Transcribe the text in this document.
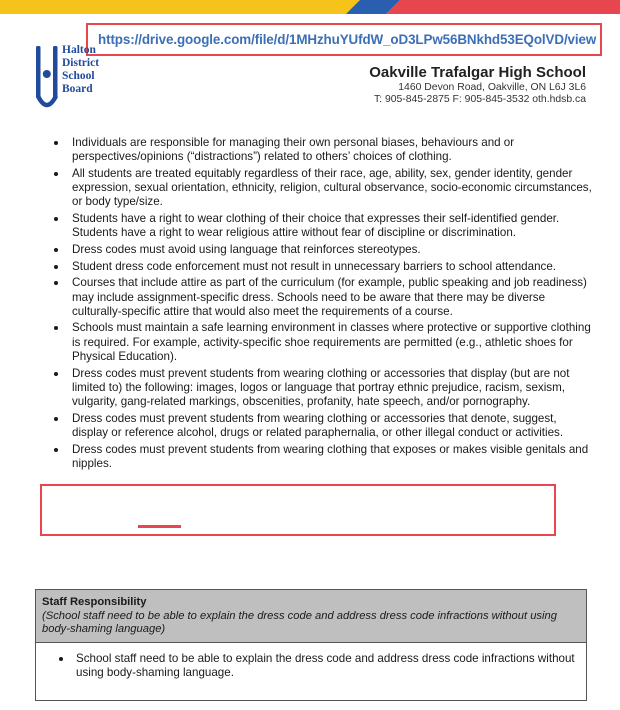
https://drive.google.com/file/d/1MHzhuYUfdW_oD3LPw56BNkhd53EQolVD/view
Halton
District
School
Board
Oakville Trafalgar High School
1460 Devon Road, Oakville, ON L6J 3L6
T: 905-845-2875 F: 905-845-3532 oth.hdsb.ca
Individuals are responsible for managing their own personal biases, behaviours and or perspectives/opinions (“distractions”) related to others’ choices of clothing.
All students are treated equitably regardless of their race, age, ability, sex, gender identity, gender expression, sexual orientation, ethnicity, religion, cultural observance, socio-economic circumstances, or body type/size.
Students have a right to wear clothing of their choice that expresses their self-identified gender. Students have a right to wear religious attire without fear of discipline or discrimination.
Dress codes must avoid using language that reinforces stereotypes.
Student dress code enforcement must not result in unnecessary barriers to school attendance.
Courses that include attire as part of the curriculum (for example, public speaking and job readiness) may include assignment-specific dress. Schools need to be aware that there may be diverse culturally-specific attire that would also meet the requirements of a course.
Schools must maintain a safe learning environment in classes where protective or supportive clothing is required. For example, activity-specific shoe requirements are permitted (e.g., athletic shoes for Physical Education).
Dress codes must prevent students from wearing clothing or accessories that display (but are not limited to) the following: images, logos or language that portray ethnic prejudice, racism, sexism, vulgarity, gang-related markings, obscenities, profanity, hate speech, and/or pornography.
Dress codes must prevent students from wearing clothing or accessories that denote, suggest, display or reference alcohol, drugs or related paraphernalia, or other illegal conduct or activities.
Dress codes must prevent students from wearing clothing that exposes or makes visible genitals and nipples.
Staff Responsibility
(School staff need to be able to explain the dress code and address dress code infractions without using body-shaming language)
School staff need to be able to explain the dress code and address dress code infractions without using body-shaming language.
